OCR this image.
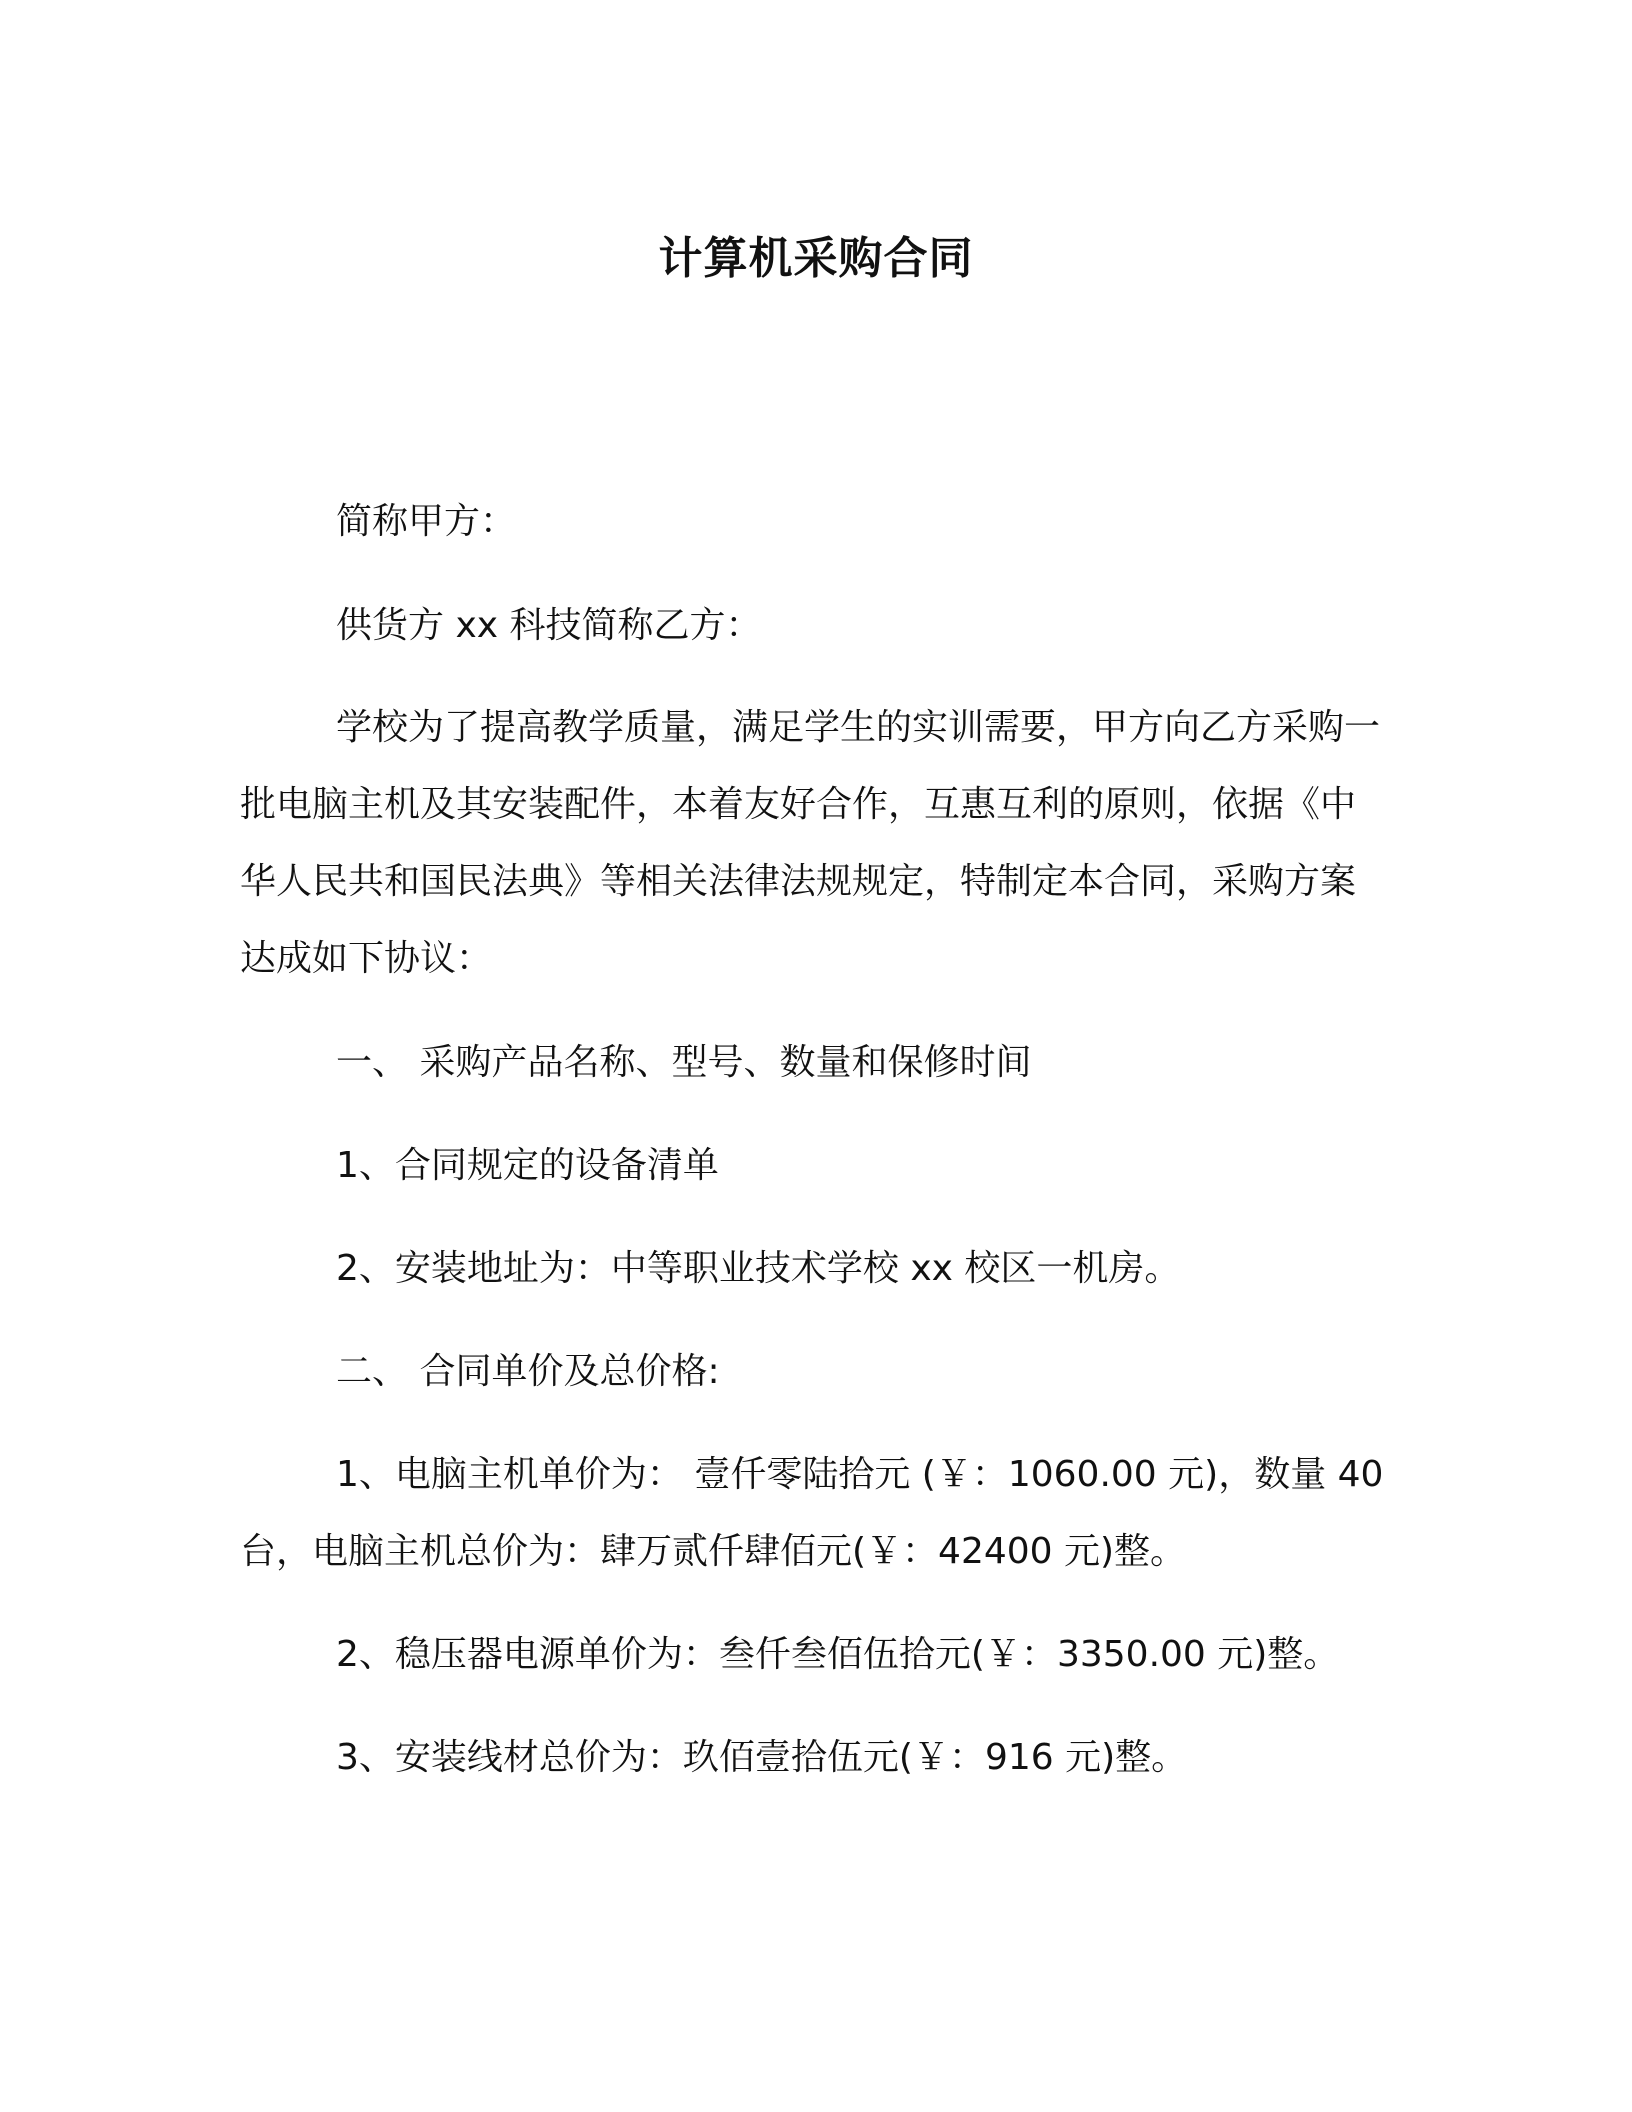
计算机采购合同

简称甲方：

供货方 xx 科技简称乙方：

学校为了提高教学质量，满足学生的实训需要，甲方向乙方采购一批电脑主机及其安装配件，本着友好合作，互惠互利的原则，依据《中华人民共和国民法典》等相关法律法规规定，特制定本合同，采购方案达成如下协议：

一、 采购产品名称、型号、数量和保修时间

1、合同规定的设备清单

2、安装地址为：中等职业技术学校 xx 校区一机房。

二、 合同单价及总价格:

1、电脑主机单价为： 壹仟零陆拾元 (￥：1060.00 元)，数量 40 台，电脑主机总价为：肆万贰仟肆佰元(￥：42400 元)整。

2、稳压器电源单价为：叁仟叁佰伍拾元(￥：3350.00 元)整。

3、安装线材总价为：玖佰壹拾伍元(￥：916 元)整。
